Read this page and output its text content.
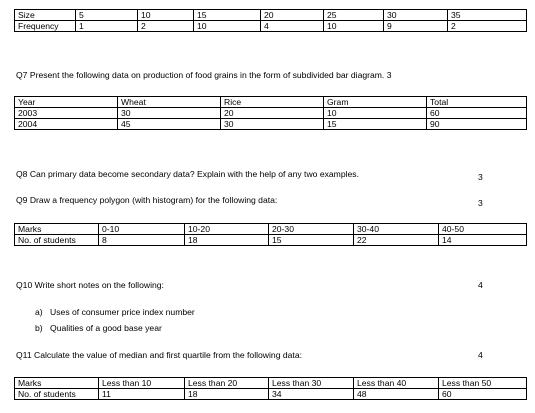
Size	5	10	15	20	25	30	35
Frequency	1	2	10	4	10	9	2
Q7 Present the following data on production of food grains in the form of subdivided bar diagram. 3
Year	Wheat	Rice	Gram	Total
2003	30	20	10	60
2004	45	30	15	90
Q8 Can primary data become secondary data? Explain with the help of any two examples.	3
Q9 Draw a frequency polygon (with histogram) for the following data:	3
Marks	0-10	10-20	20-30	30-40	40-50
No. of students	8	18	15	22	14
Q10 Write short notes on the following:	4
a) Uses of consumer price index number
b) Qualities of a good base year
Q11 Calculate the value of median and first quartile from the following data:	4
Marks	Less than 10	Less than 20	Less than 30	Less than 40	Less than 50
No. of students	11	18	34	48	60
